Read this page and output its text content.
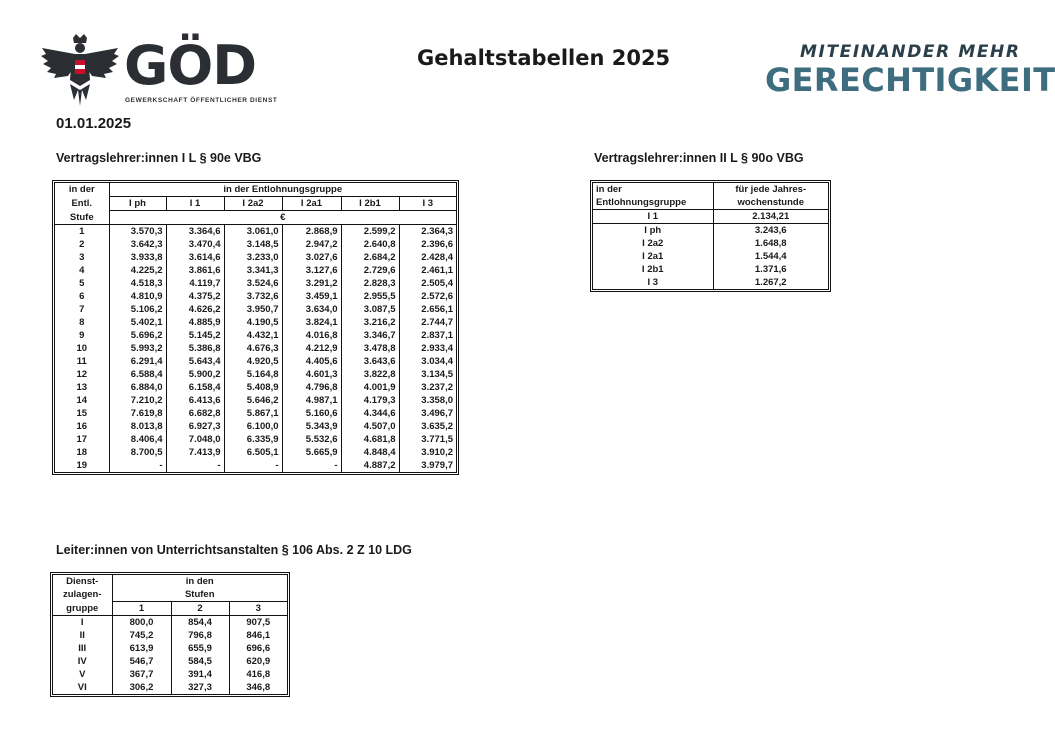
GÖD
GEWERKSCHAFT ÖFFENTLICHER DIENST
01.01.2025
Gehaltstabellen 2025	MITEINANDER MEHR
GERECHTIGKEIT
Vertragslehrer:innen I L § 90e VBG
in der	in der Entlohnungsgruppe					
Entl.	I ph	I 1	I 2a2	I 2a1	I 2b1	I 3
Stufe	€					
1	3.570,3	3.364,6	3.061,0	2.868,9	2.599,2	2.364,3
2	3.642,3	3.470,4	3.148,5	2.947,2	2.640,8	2.396,6
3	3.933,8	3.614,6	3.233,0	3.027,6	2.684,2	2.428,4
4	4.225,2	3.861,6	3.341,3	3.127,6	2.729,6	2.461,1
5	4.518,3	4.119,7	3.524,6	3.291,2	2.828,3	2.505,4
6	4.810,9	4.375,2	3.732,6	3.459,1	2.955,5	2.572,6
7	5.106,2	4.626,2	3.950,7	3.634,0	3.087,5	2.656,1
8	5.402,1	4.885,9	4.190,5	3.824,1	3.216,2	2.744,7
9	5.696,2	5.145,2	4.432,1	4.016,8	3.346,7	2.837,1
10	5.993,2	5.386,8	4.676,3	4.212,9	3.478,8	2.933,4
11	6.291,4	5.643,4	4.920,5	4.405,6	3.643,6	3.034,4
12	6.588,4	5.900,2	5.164,8	4.601,3	3.822,8	3.134,5
13	6.884,0	6.158,4	5.408,9	4.796,8	4.001,9	3.237,2
14	7.210,2	6.413,6	5.646,2	4.987,1	4.179,3	3.358,0
15	7.619,8	6.682,8	5.867,1	5.160,6	4.344,6	3.496,7
16	8.013,8	6.927,3	6.100,0	5.343,9	4.507,0	3.635,2
17	8.406,4	7.048,0	6.335,9	5.532,6	4.681,8	3.771,5
18	8.700,5	7.413,9	6.505,1	5.665,9	4.848,4	3.910,2
19	-	-	-	-	4.887,2	3.979,7
Vertragslehrer:innen II L § 90o VBG
in der	für jede Jahres-
Entlohnungsgruppe	wochenstunde
I 1	2.134,21
I ph	3.243,6
I 2a2	1.648,8
I 2a1	1.544,4
I 2b1	1.371,6
I 3	1.267,2
Leiter:innen von Unterrichtsanstalten § 106 Abs. 2 Z 10 LDG
Dienst-	in den		
zulagen-	Stufen		
gruppe	1	2	3
I	800,0	854,4	907,5
II	745,2	796,8	846,1
III	613,9	655,9	696,6
IV	546,7	584,5	620,9
V	367,7	391,4	416,8
VI	306,2	327,3	346,8
